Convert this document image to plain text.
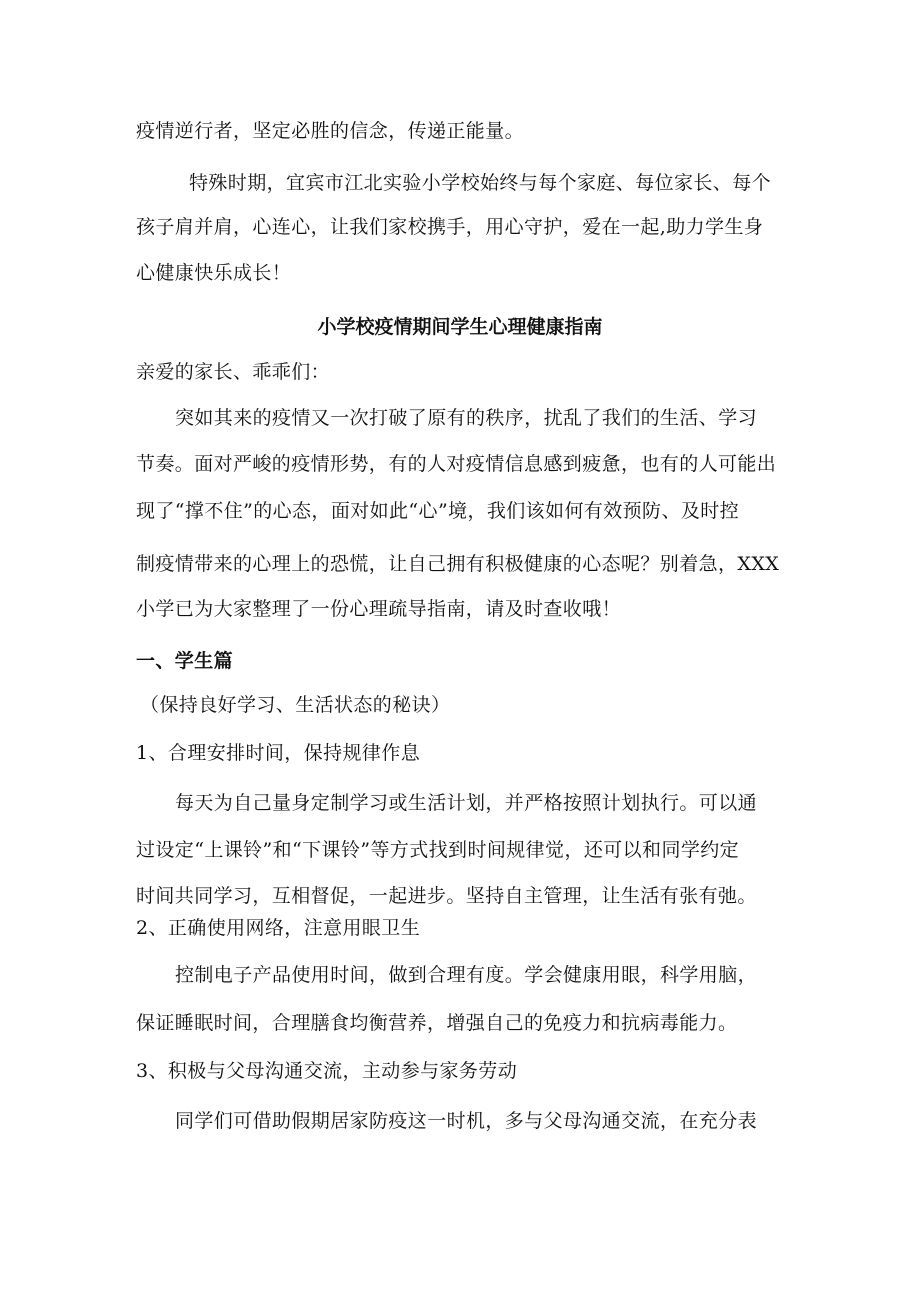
疫情逆行者，坚定必胜的信念，传递正能量。
特殊时期，宜宾市江北实验小学校始终与每个家庭、每位家长、每个
孩子肩并肩，心连心，让我们家校携手，用心守护，爱在一起,助力学生身
心健康快乐成长！
小学校疫情期间学生心理健康指南
亲爱的家长、乖乖们：
突如其来的疫情又一次打破了原有的秩序，扰乱了我们的生活、学习
节奏。面对严峻的疫情形势，有的人对疫情信息感到疲惫，也有的人可能出
现了“撑不住”的心态，面对如此“心”境，我们该如何有效预防、及时控
制疫情带来的心理上的恐慌，让自己拥有积极健康的心态呢？别着急，XXX
小学已为大家整理了一份心理疏导指南，请及时查收哦！
一、学生篇
（保持良好学习、生活状态的秘诀）
1、合理安排时间，保持规律作息
每天为自己量身定制学习或生活计划，并严格按照计划执行。可以通
过设定“上课铃”和“下课铃”等方式找到时间规律觉，还可以和同学约定
时间共同学习，互相督促，一起进步。坚持自主管理，让生活有张有弛。
2、正确使用网络，注意用眼卫生
控制电子产品使用时间，做到合理有度。学会健康用眼，科学用脑，
保证睡眠时间，合理膳食均衡营养，增强自己的免疫力和抗病毒能力。
3、积极与父母沟通交流，主动参与家务劳动
同学们可借助假期居家防疫这一时机，多与父母沟通交流，在充分表
